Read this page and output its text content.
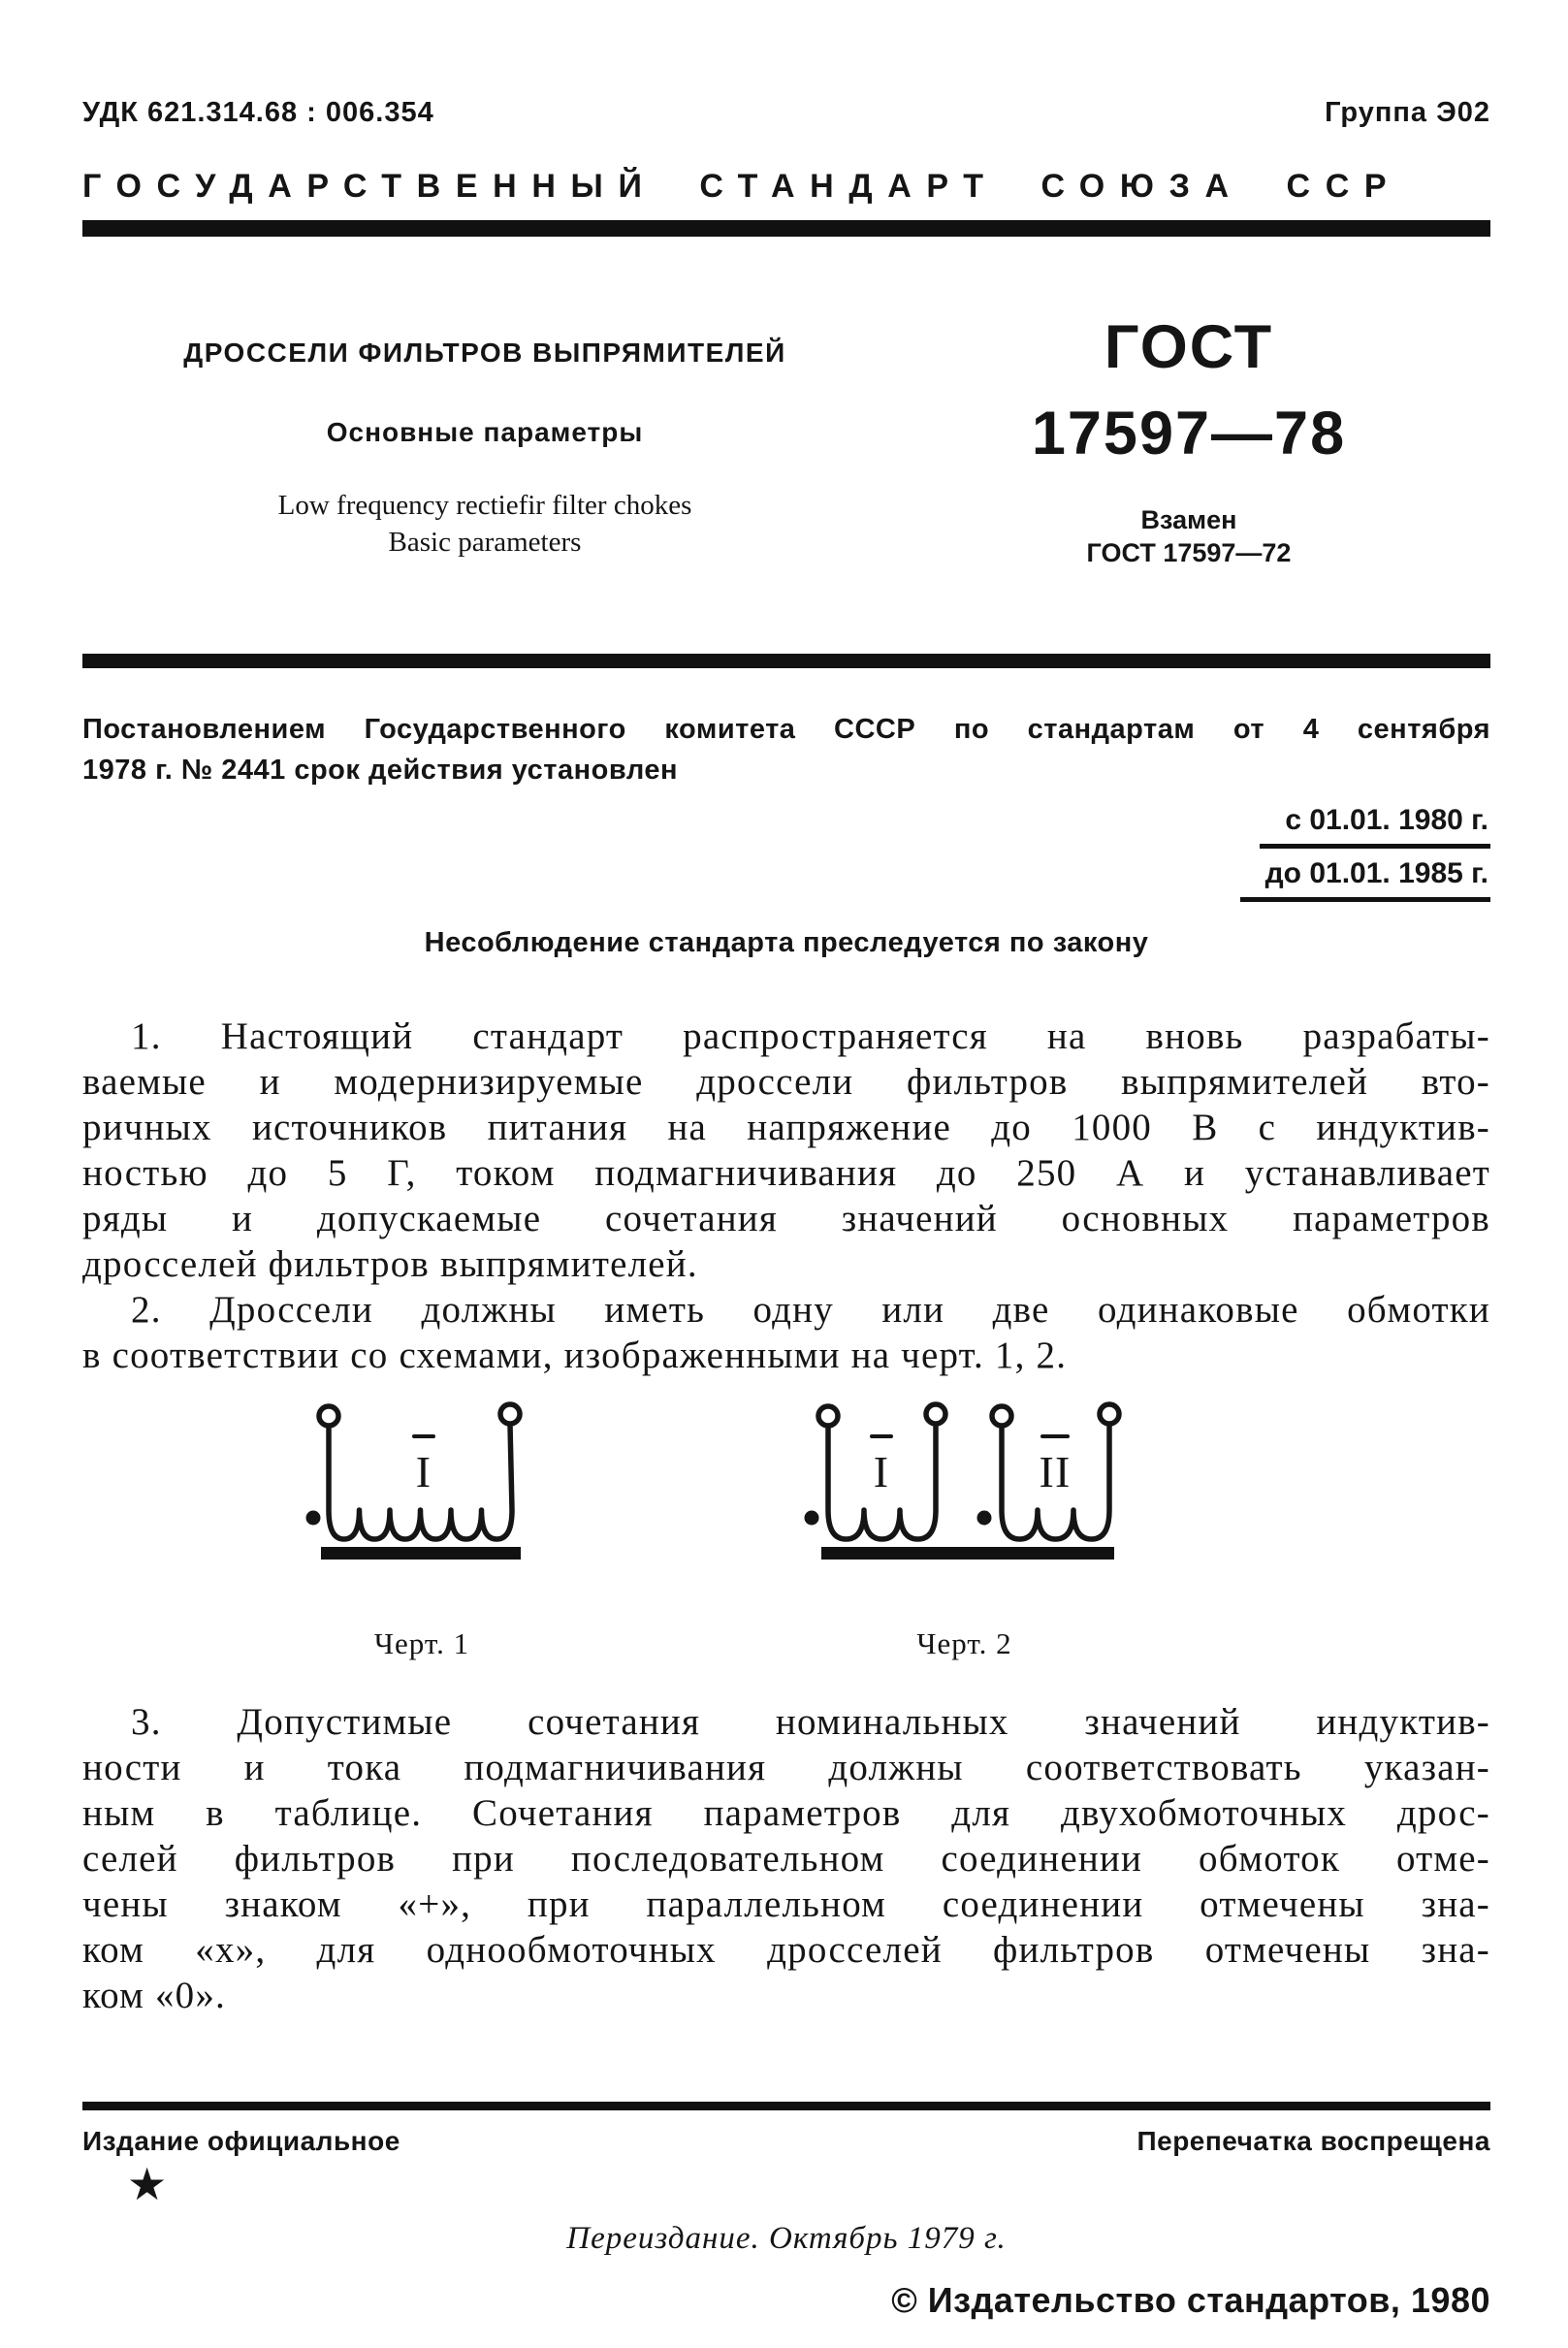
УДК 621.314.68 : 006.354	Группа Э02
ГОСУДАРСТВЕННЫЙ СТАНДАРТ СОЮЗА ССР
ДРОССЕЛИ ФИЛЬТРОВ ВЫПРЯМИТЕЛЕЙ
Основные параметры
Low frequency rectiefir filter chokes
Basic parameters
ГОСТ
17597—78
Взамен
ГОСТ 17597—72
Постановлением Государственного комитета СССР по стандартам от 4 сентября
1978 г. № 2441 срок действия установлен
с 01.01. 1980 г.
до 01.01. 1985 г.
Несоблюдение стандарта преследуется по закону
1. Настоящий стандарт распространяется на вновь разрабаты-
ваемые и модернизируемые дроссели фильтров выпрямителей вто-
ричных источников питания на напряжение до 1000 В с индуктив-
ностью до 5 Г, током подмагничивания до 250 А и устанавливает
ряды и допускаемые сочетания значений основных параметров
дросселей фильтров выпрямителей.
2. Дроссели должны иметь одну или две одинаковые обмотки
в соответствии со схемами, изображенными на черт. 1, 2.
I
Черт. 1
I	II
Черт. 2
3. Допустимые сочетания номинальных значений индуктив-
ности и тока подмагничивания должны соответствовать указан-
ным в таблице. Сочетания параметров для двухобмоточных дрос-
селей фильтров при последовательном соединении обмоток отме-
чены знаком «+», при параллельном соединении отмечены зна-
ком «х», для однообмоточных дросселей фильтров отмечены зна-
ком «0».
Издание официальное	Перепечатка воспрещена
★
Переиздание. Октябрь 1979 г.
© Издательство стандартов, 1980
